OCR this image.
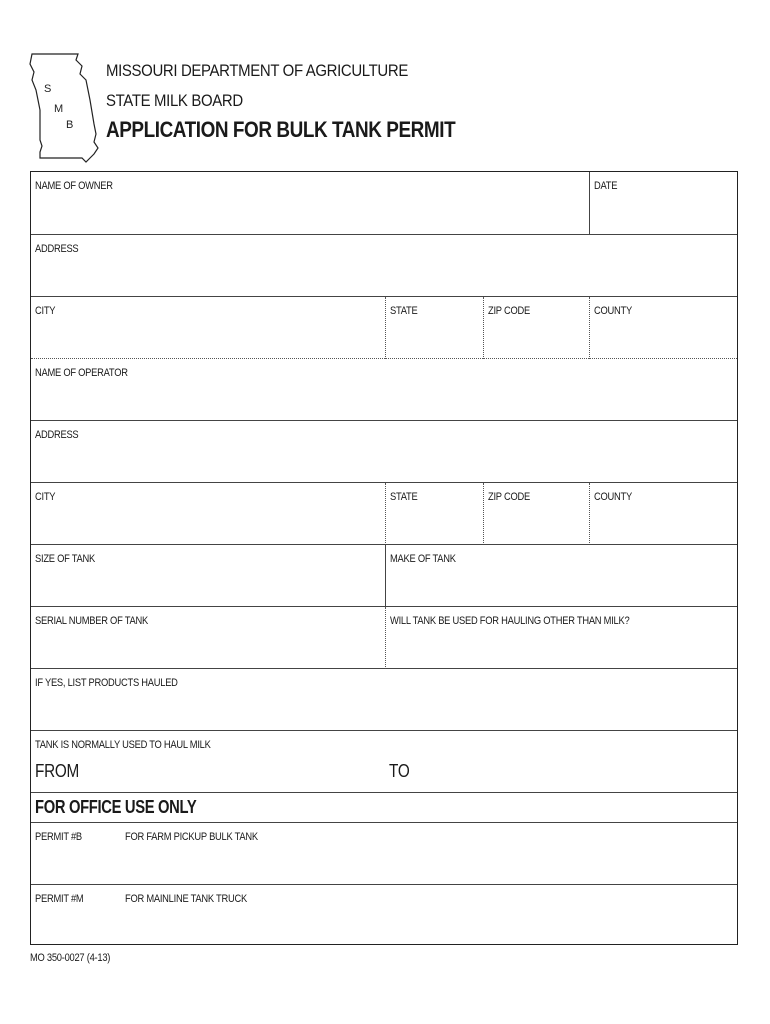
S
M
B
MISSOURI DEPARTMENT OF AGRICULTURE
STATE MILK BOARD
APPLICATION FOR BULK TANK PERMIT
NAME OF OWNER	DATE
ADDRESS
CITY	STATE	ZIP CODE	COUNTY
NAME OF OPERATOR
ADDRESS
CITY	STATE	ZIP CODE	COUNTY
SIZE OF TANK	MAKE OF TANK
SERIAL NUMBER OF TANK	WILL TANK BE USED FOR HAULING OTHER THAN MILK?
IF YES, LIST PRODUCTS HAULED
TANK IS NORMALLY USED TO HAUL MILK
FROM	TO
FOR OFFICE USE ONLY
PERMIT #B	FOR FARM PICKUP BULK TANK
PERMIT #M	FOR MAINLINE TANK TRUCK
MO 350-0027 (4-13)
